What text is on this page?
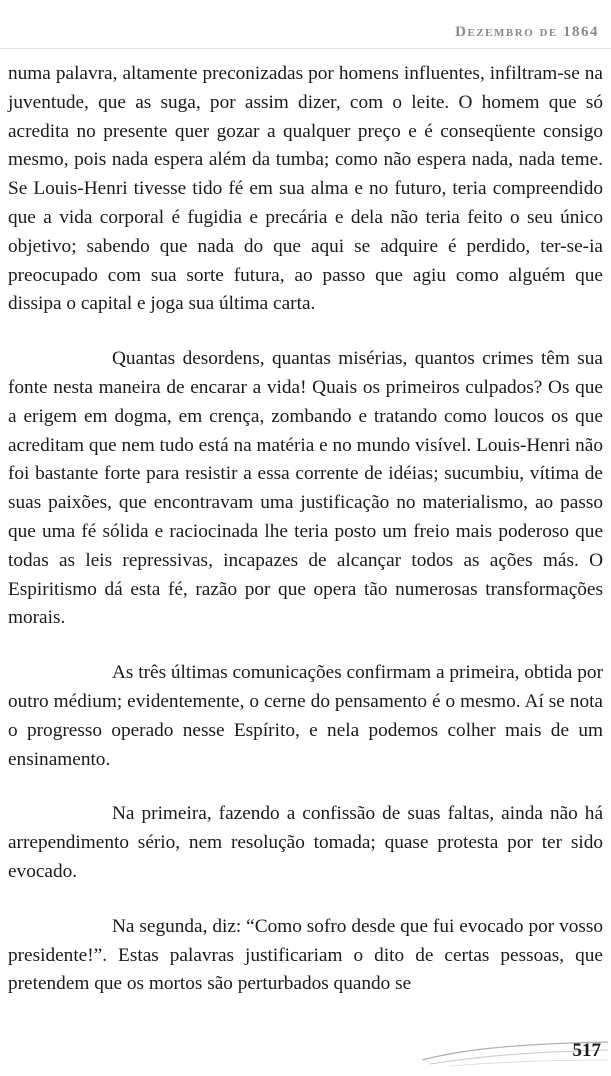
Dezembro de 1864

numa palavra, altamente preconizadas por homens influentes, infiltram-se na juventude, que as suga, por assim dizer, com o leite. O homem que só acredita no presente quer gozar a qualquer preço e é conseqüente consigo mesmo, pois nada espera além da tumba; como não espera nada, nada teme. Se Louis-Henri tivesse tido fé em sua alma e no futuro, teria compreendido que a vida corporal é fugidia e precária e dela não teria feito o seu único objetivo; sabendo que nada do que aqui se adquire é perdido, ter-se-ia preocupado com sua sorte futura, ao passo que agiu como alguém que dissipa o capital e joga sua última carta.

Quantas desordens, quantas misérias, quantos crimes têm sua fonte nesta maneira de encarar a vida! Quais os primeiros culpados? Os que a erigem em dogma, em crença, zombando e tratando como loucos os que acreditam que nem tudo está na matéria e no mundo visível. Louis-Henri não foi bastante forte para resistir a essa corrente de idéias; sucumbiu, vítima de suas paixões, que encontravam uma justificação no materialismo, ao passo que uma fé sólida e raciocinada lhe teria posto um freio mais poderoso que todas as leis repressivas, incapazes de alcançar todos as ações más. O Espiritismo dá esta fé, razão por que opera tão numerosas transformações morais.

As três últimas comunicações confirmam a primeira, obtida por outro médium; evidentemente, o cerne do pensamento é o mesmo. Aí se nota o progresso operado nesse Espírito, e nela podemos colher mais de um ensinamento.

Na primeira, fazendo a confissão de suas faltas, ainda não há arrependimento sério, nem resolução tomada; quase protesta por ter sido evocado.

Na segunda, diz: “Como sofro desde que fui evocado por vosso presidente!”. Estas palavras justificariam o dito de certas pessoas, que pretendem que os mortos são perturbados quando se

517
